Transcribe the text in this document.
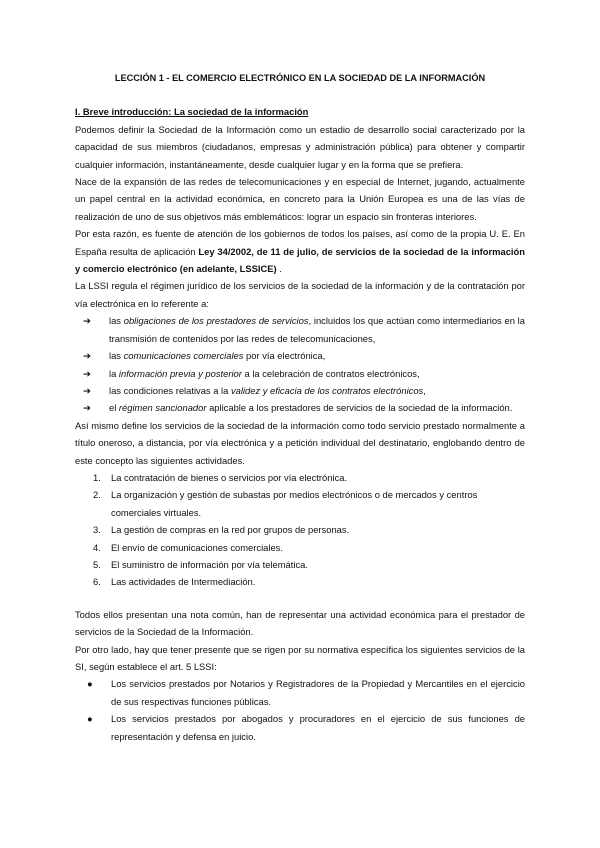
LECCIÓN 1 - EL COMERCIO ELECTRÓNICO EN LA SOCIEDAD DE LA INFORMACIÓN
I. Breve introducción: La sociedad de la información

Podemos definir la Sociedad de la Información como un estadio de desarrollo social caracterizado por la capacidad de sus miembros (ciudadanos, empresas y administración pública) para obtener y compartir cualquier información, instantáneamente, desde cualquier lugar y en la forma que se prefiera.

Nace de la expansión de las redes de telecomunicaciones y en especial de Internet, jugando, actualmente un papel central en la actividad económica, en concreto para la Unión Europea es una de las vías de realización de uno de sus objetivos más emblemáticos: lograr un espacio sin fronteras interiores.

Por esta razón, es fuente de atención de los gobiernos de todos los países, así como de la propia U. E. En España resulta de aplicación Ley 34/2002, de 11 de julio, de servicios de la sociedad de la información y comercio electrónico (en adelante, LSSICE) .

La LSSI regula el régimen jurídico de los servicios de la sociedad de la información y de la contratación por vía electrónica en lo referente a:

➔ las obligaciones de los prestadores de servicios, incluidos los que actúan como intermediarios en la transmisión de contenidos por las redes de telecomunicaciones,
➔ las comunicaciones comerciales por vía electrónica,
➔ la información previa y posterior a la celebración de contratos electrónicos,
➔ las condiciones relativas a la validez y eficacia de los contratos electrónicos,
➔ el régimen sancionador aplicable a los prestadores de servicios de la sociedad de la información.

Así mismo define los servicios de la sociedad de la información como todo servicio prestado normalmente a título oneroso, a distancia, por vía electrónica y a petición individual del destinatario, englobando dentro de este concepto las siguientes actividades.

1. La contratación de bienes o servicios por vía electrónica.
2. La organización y gestión de subastas por medios electrónicos o de mercados y centros comerciales virtuales.
3. La gestión de compras en la red por grupos de personas.
4. El envío de comunicaciones comerciales.
5. El suministro de información por vía telemática.
6. Las actividades de Intermediación.

Todos ellos presentan una nota común, han de representar una actividad económica para el prestador de servicios de la Sociedad de la Información.

Por otro lado, hay que tener presente que se rigen por su normativa específica los siguientes servicios de la SI, según establece el art. 5 LSSI:

● Los servicios prestados por Notarios y Registradores de la Propiedad y Mercantiles en el ejercicio de sus respectivas funciones públicas.
● Los servicios prestados por abogados y procuradores en el ejercicio de sus funciones de representación y defensa en juicio.
